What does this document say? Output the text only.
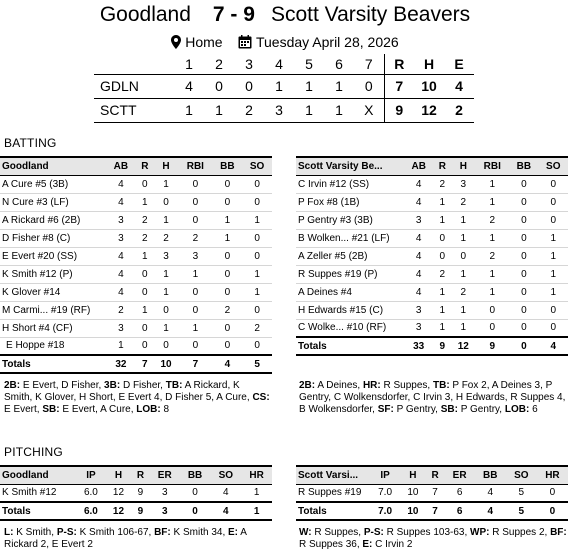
Goodland 7 - 9 Scott Varsity Beavers
Home Tuesday April 28, 2026
	1	2	3	4	5	6	7	R	H	E
GDLN	4	0	0	1	1	1	0	7	10	4
SCTT	1	1	2	3	1	1	X	9	12	2
BATTING
Goodland	AB	R	H	RBI	BB	SO
A Cure #5 (3B)	4	0	1	0	0	0
N Cure #3 (LF)	4	1	0	0	0	0
A Rickard #6 (2B)	3	2	1	0	1	1
D Fisher #8 (C)	3	2	2	2	1	0
E Evert #20 (SS)	4	1	3	3	0	0
K Smith #12 (P)	4	0	1	1	0	1
K Glover #14	4	0	1	0	0	1
M Carmi... #19 (RF)	2	1	0	0	2	0
H Short #4 (CF)	3	0	1	1	0	2
E Hoppe #18	1	0	0	0	0	0
Totals	32	7	10	7	4	5
Scott Varsity Be...	AB	R	H	RBI	BB	SO
C Irvin #12 (SS)	4	2	3	1	0	0
P Fox #8 (1B)	4	1	2	1	0	0
P Gentry #3 (3B)	3	1	1	2	0	0
B Wolken... #21 (LF)	4	0	1	1	0	1
A Zeller #5 (2B)	4	0	0	2	0	1
R Suppes #19 (P)	4	2	1	1	0	1
A Deines #4	4	1	2	1	0	1
H Edwards #15 (C)	3	1	1	0	0	0
C Wolke... #10 (RF)	3	1	1	0	0	0
Totals	33	9	12	9	0	4
2B: E Evert, D Fisher, 3B: D Fisher, TB: A Rickard, K Smith, K Glover, H Short, E Evert 4, D Fisher 5, A Cure, CS: E Evert, SB: E Evert, A Cure, LOB: 8
2B: A Deines, HR: R Suppes, TB: P Fox 2, A Deines 3, P Gentry, C Wolkensdorfer, C Irvin 3, H Edwards, R Suppes 4, B Wolkensdorfer, SF: P Gentry, SB: P Gentry, LOB: 6
PITCHING
Goodland	IP	H	R	ER	BB	SO	HR
K Smith #12	6.0	12	9	3	0	4	1
Totals	6.0	12	9	3	0	4	1
Scott Varsi...	IP	H	R	ER	BB	SO	HR
R Suppes #19	7.0	10	7	6	4	5	0
Totals	7.0	10	7	6	4	5	0
L: K Smith, P-S: K Smith 106-67, BF: K Smith 34, E: A Rickard 2, E Evert 2
W: R Suppes, P-S: R Suppes 103-63, WP: R Suppes 2, BF: R Suppes 36, E: C Irvin 2
